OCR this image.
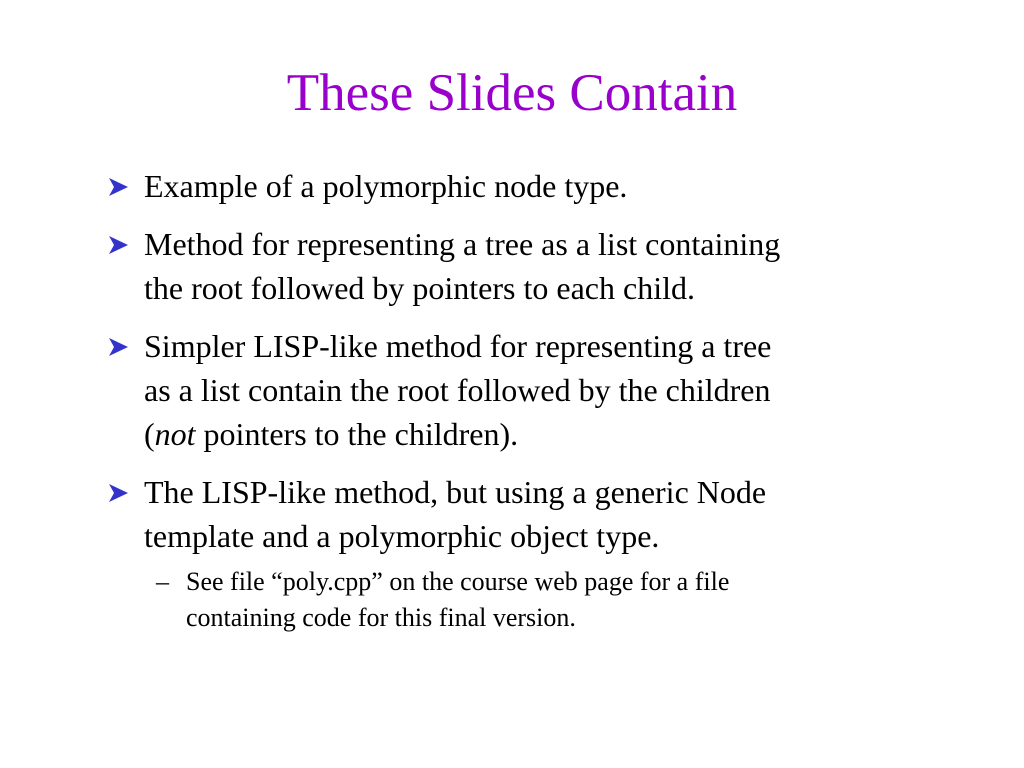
These Slides Contain
Example of a polymorphic node type.
Method for representing a tree as a list containing
the root followed by pointers to each child.
Simpler LISP-like method for representing a tree
as a list contain the root followed by the children
(not pointers to the children).
The LISP-like method, but using a generic Node
template and a polymorphic object type.
– See file “poly.cpp” on the course web page for a file
containing code for this final version.
